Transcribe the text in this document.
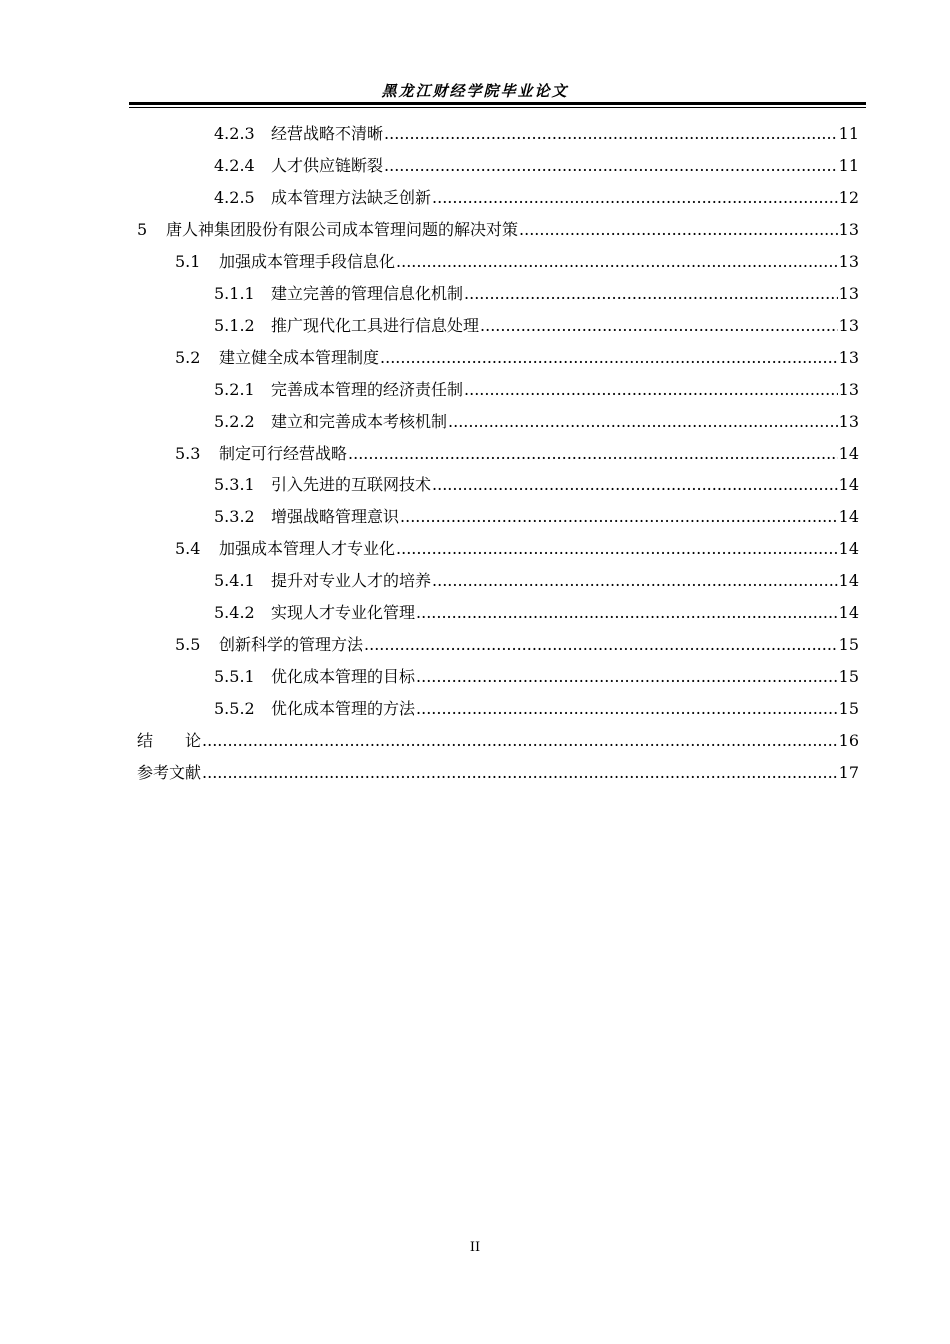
黑龙江财经学院毕业论文
4.2.3	经营战略不清晰 .....	11
4.2.4	人才供应链断裂 .....	11
4.2.5	成本管理方法缺乏创新 .....	12
5	唐人神集团股份有限公司成本管理问题的解决对策 .....	13
5.1	加强成本管理手段信息化 .....	13
5.1.1	建立完善的管理信息化机制 .....	13
5.1.2	推广现代化工具进行信息处理 .....	13
5.2	建立健全成本管理制度 .....	13
5.2.1	完善成本管理的经济责任制 .....	13
5.2.2	建立和完善成本考核机制 .....	13
5.3	制定可行经营战略 .....	14
5.3.1	引入先进的互联网技术 .....	14
5.3.2	增强战略管理意识 .....	14
5.4	加强成本管理人才专业化 .....	14
5.4.1	提升对专业人才的培养 .....	14
5.4.2	实现人才专业化管理 .....	14
5.5	创新科学的管理方法 .....	15
5.5.1	优化成本管理的目标 .....	15
5.5.2	优化成本管理的方法 .....	15
结　　论 .....	16
参考文献 .....	17
II
